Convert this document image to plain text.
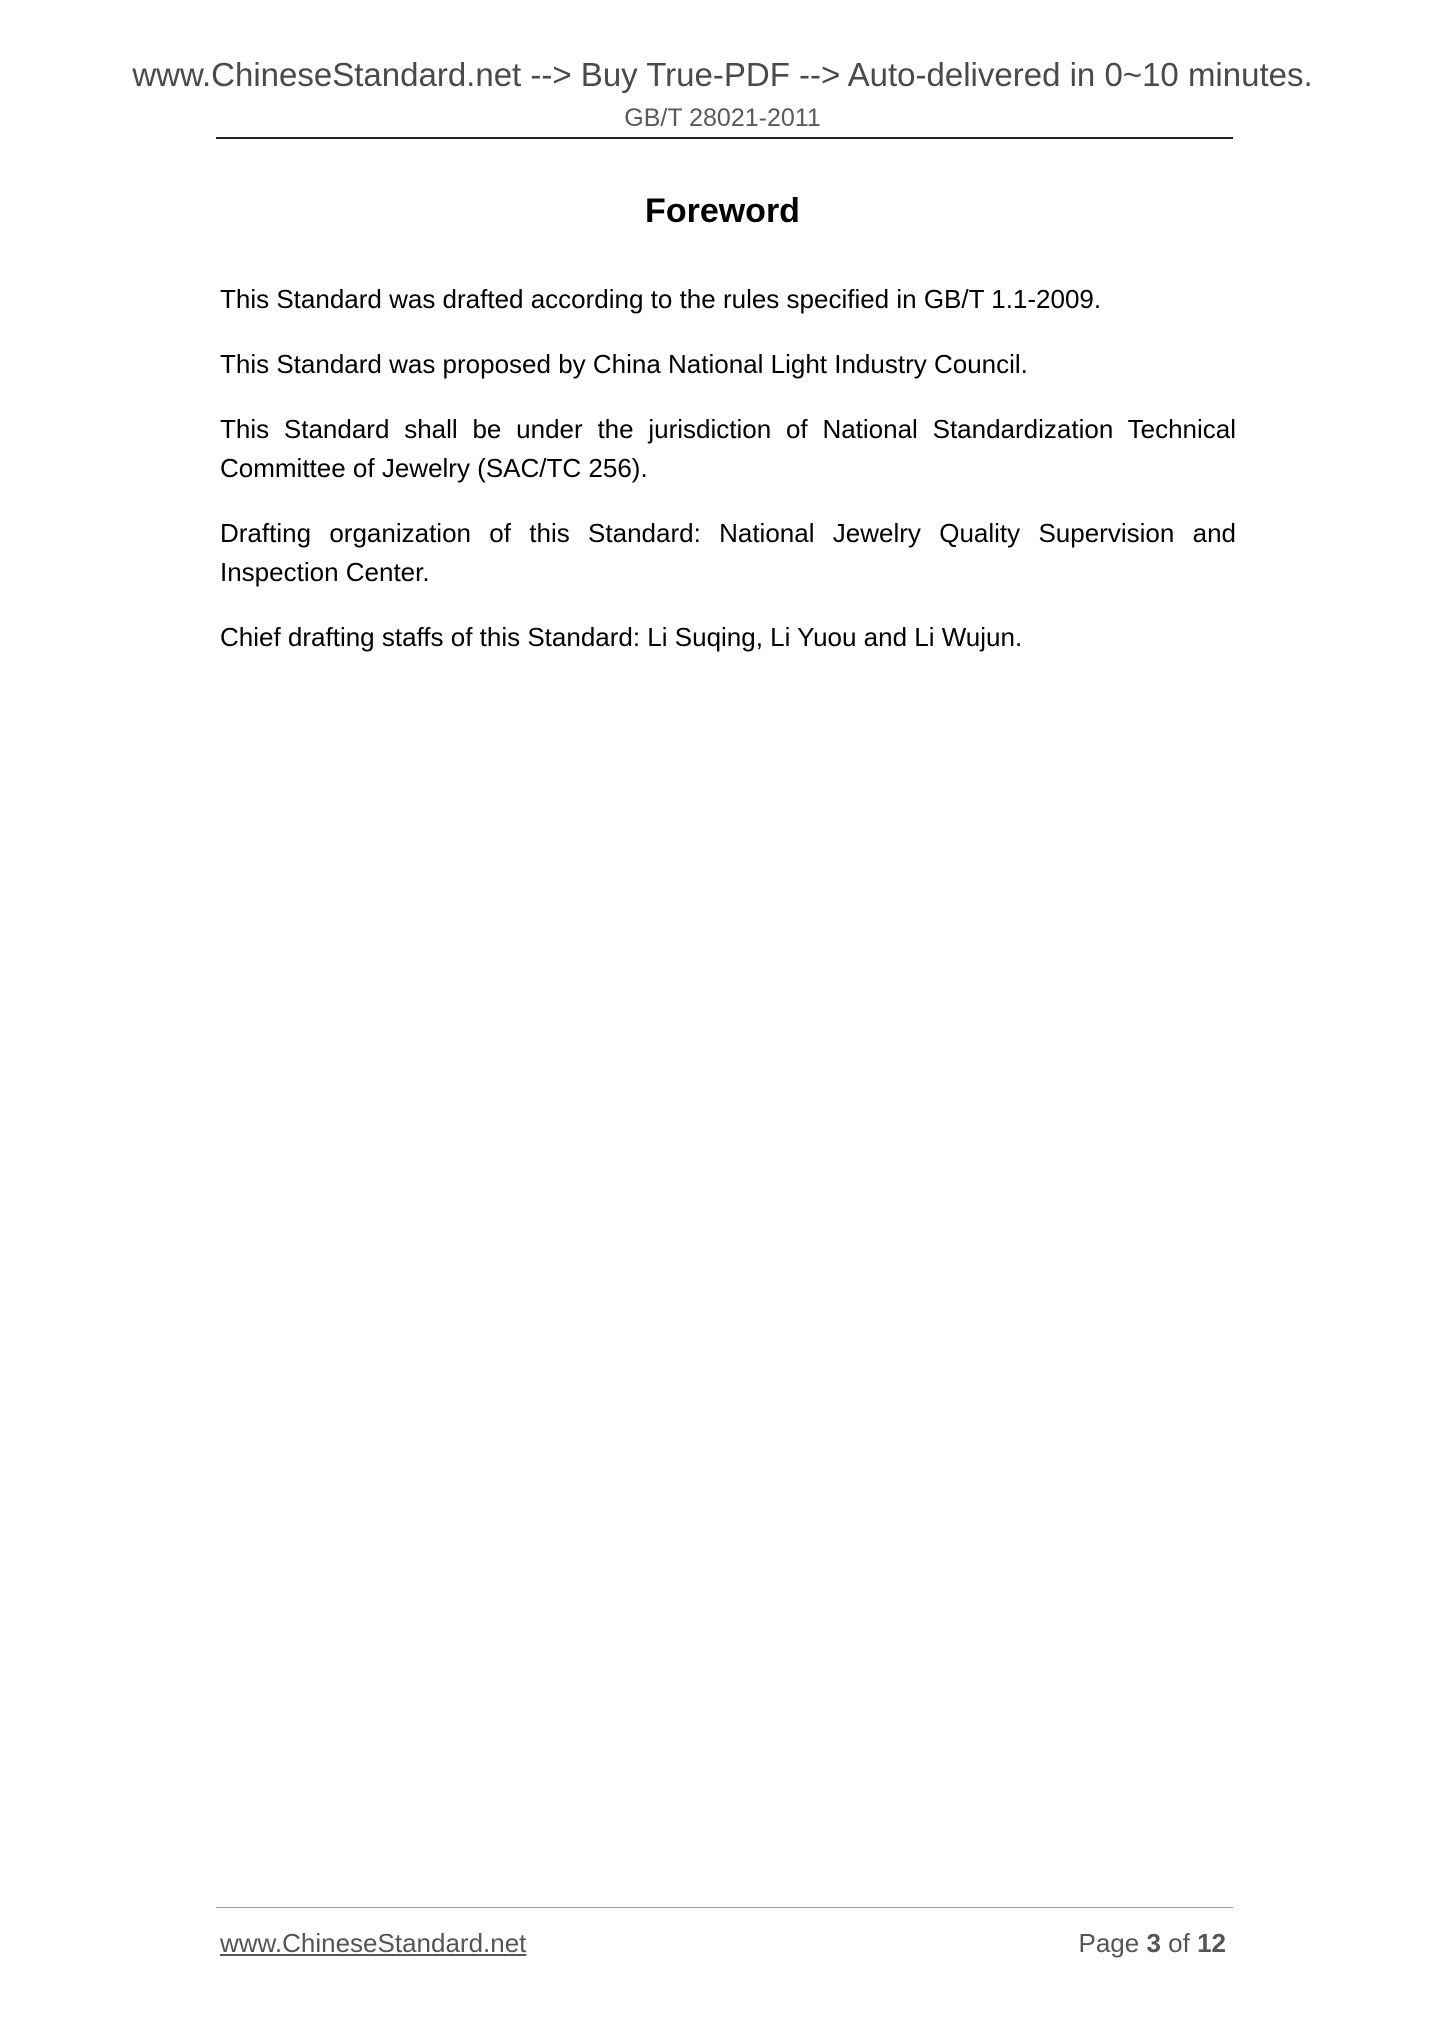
www.ChineseStandard.net --> Buy True-PDF --> Auto-delivered in 0~10 minutes.
GB/T 28021-2011
Foreword

This Standard was drafted according to the rules specified in GB/T 1.1-2009.

This Standard was proposed by China National Light Industry Council.

This Standard shall be under the jurisdiction of National Standardization Technical Committee of Jewelry (SAC/TC 256).

Drafting organization of this Standard: National Jewelry Quality Supervision and Inspection Center.

Chief drafting staffs of this Standard: Li Suqing, Li Yuou and Li Wujun.

www.ChineseStandard.net	Page 3 of 12
